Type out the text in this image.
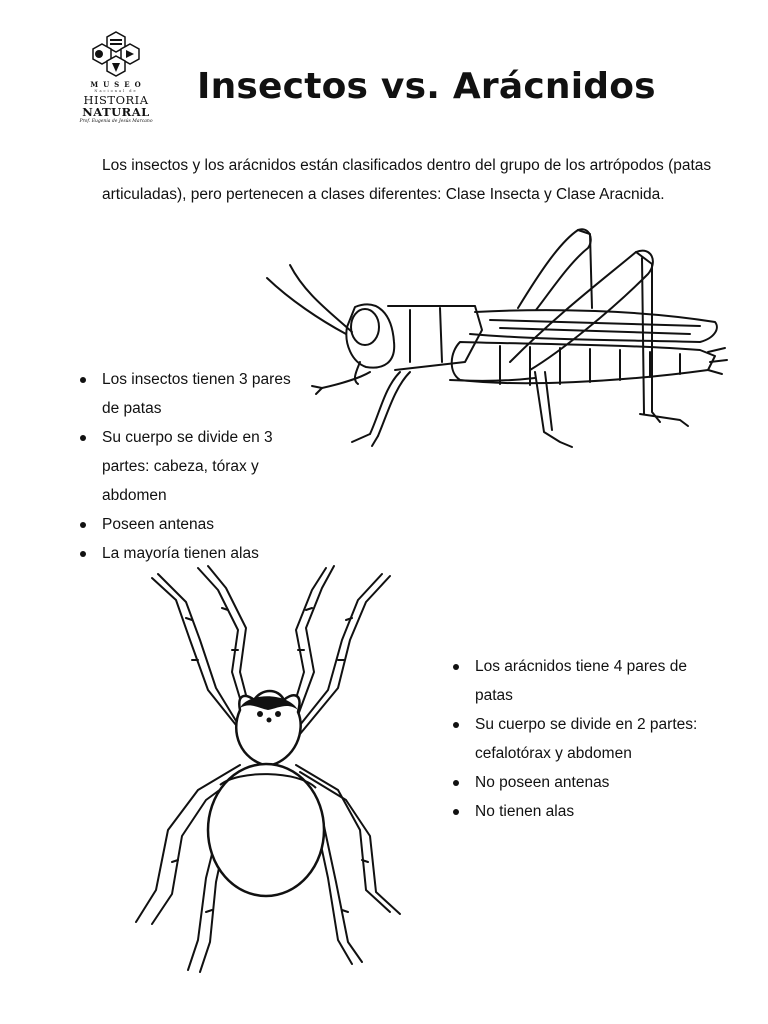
MUSEO
Nacional de
HISTORIA
NATURAL
Prof. Eugenia de Jesús Marcano
Insectos vs. Arácnidos

Los insectos y los arácnidos están clasificados dentro del grupo de los artrópodos (patas articuladas), pero pertenecen a clases diferentes: Clase Insecta y Clase Aracnida.

Los insectos tienen 3 pares de patas
Su cuerpo se divide en 3 partes: cabeza, tórax y abdomen
Poseen antenas
La mayoría tienen alas
Los arácnidos tiene 4 pares de patas
Su cuerpo se divide en 2 partes: cefalotórax y abdomen
No poseen antenas
No tienen alas
